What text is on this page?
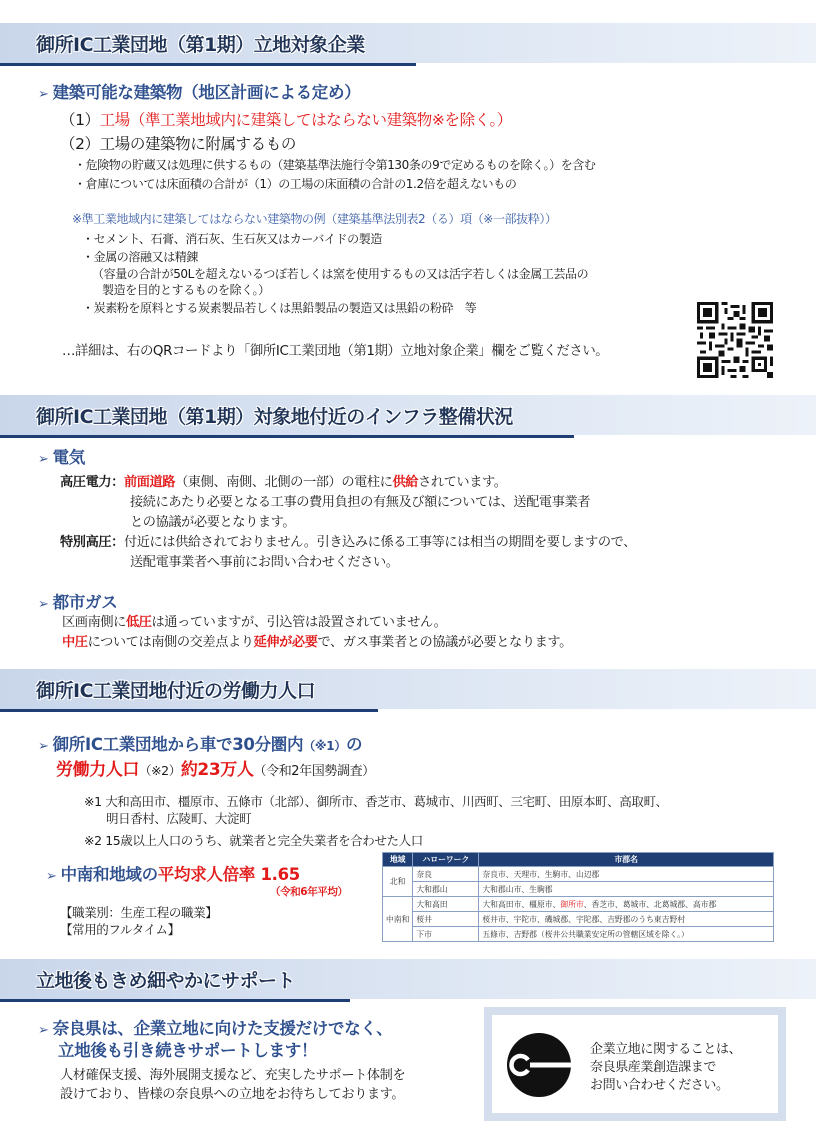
御所IC工業団地（第1期）立地対象企業
➢ 建築可能な建築物（地区計画による定め）
（1）工場（準工業地域内に建築してはならない建築物※を除く。）
（2）工場の建築物に附属するもの
・危険物の貯蔵又は処理に供するもの（建築基準法施行令第130条の9で定めるものを除く。）を含む
・倉庫については床面積の合計が（1）の工場の床面積の合計の1.2倍を超えないもの
※準工業地域内に建築してはならない建築物の例（建築基準法別表2（る）項（※一部抜粋））
・セメント、石膏、消石灰、生石灰又はカーバイドの製造
・金属の溶融又は精錬
（容量の合計が50Lを超えないるつぼ若しくは窯を使用するもの又は活字若しくは金属工芸品の
製造を目的とするものを除く。）
・炭素粉を原料とする炭素製品若しくは黒鉛製品の製造又は黒鉛の粉砕　等
…詳細は、右のQRコードより「御所IC工業団地（第1期）立地対象企業」欄をご覧ください。
御所IC工業団地（第1期）対象地付近のインフラ整備状況
➢ 電気
高圧電力：前面道路（東側、南側、北側の一部）の電柱に供給されています。
接続にあたり必要となる工事の費用負担の有無及び額については、送配電事業者
との協議が必要となります。
特別高圧：付近には供給されておりません。引き込みに係る工事等には相当の期間を要しますので、
送配電事業者へ事前にお問い合わせください。
➢ 都市ガス
区画南側に低圧は通っていますが、引込管は設置されていません。
中圧については南側の交差点より延伸が必要で、ガス事業者との協議が必要となります。
御所IC工業団地付近の労働力人口
➢ 御所IC工業団地から車で30分圏内（※1）の
労働力人口（※2）約23万人（令和2年国勢調査）
※1 大和高田市、橿原市、五條市（北部）、御所市、香芝市、葛城市、川西町、三宅町、田原本町、高取町、
明日香村、広陵町、大淀町
※2 15歳以上人口のうち、就業者と完全失業者を合わせた人口
➢ 中南和地域の平均求人倍率 1.65
（令和6年平均）
【職業別：生産工程の職業】
【常用的フルタイム】
地域	ハローワーク	市郡名
北和	奈良	奈良市、天理市、生駒市、山辺郡
	大和郡山	大和郡山市、生駒郡
中南和	大和高田	大和高田市、橿原市、御所市、香芝市、葛城市、北葛城郡、高市郡
	桜井	桜井市、宇陀市、磯城郡、宇陀郡、吉野郡のうち東吉野村
	下市	五條市、吉野郡（桜井公共職業安定所の管轄区域を除く。）
立地後もきめ細やかにサポート
➢ 奈良県は、企業立地に向けた支援だけでなく、
立地後も引き続きサポートします！
人材確保支援、海外展開支援など、充実したサポート体制を
設けており、皆様の奈良県への立地をお待ちしております。
企業立地に関することは、
奈良県産業創造課まで
お問い合わせください。
